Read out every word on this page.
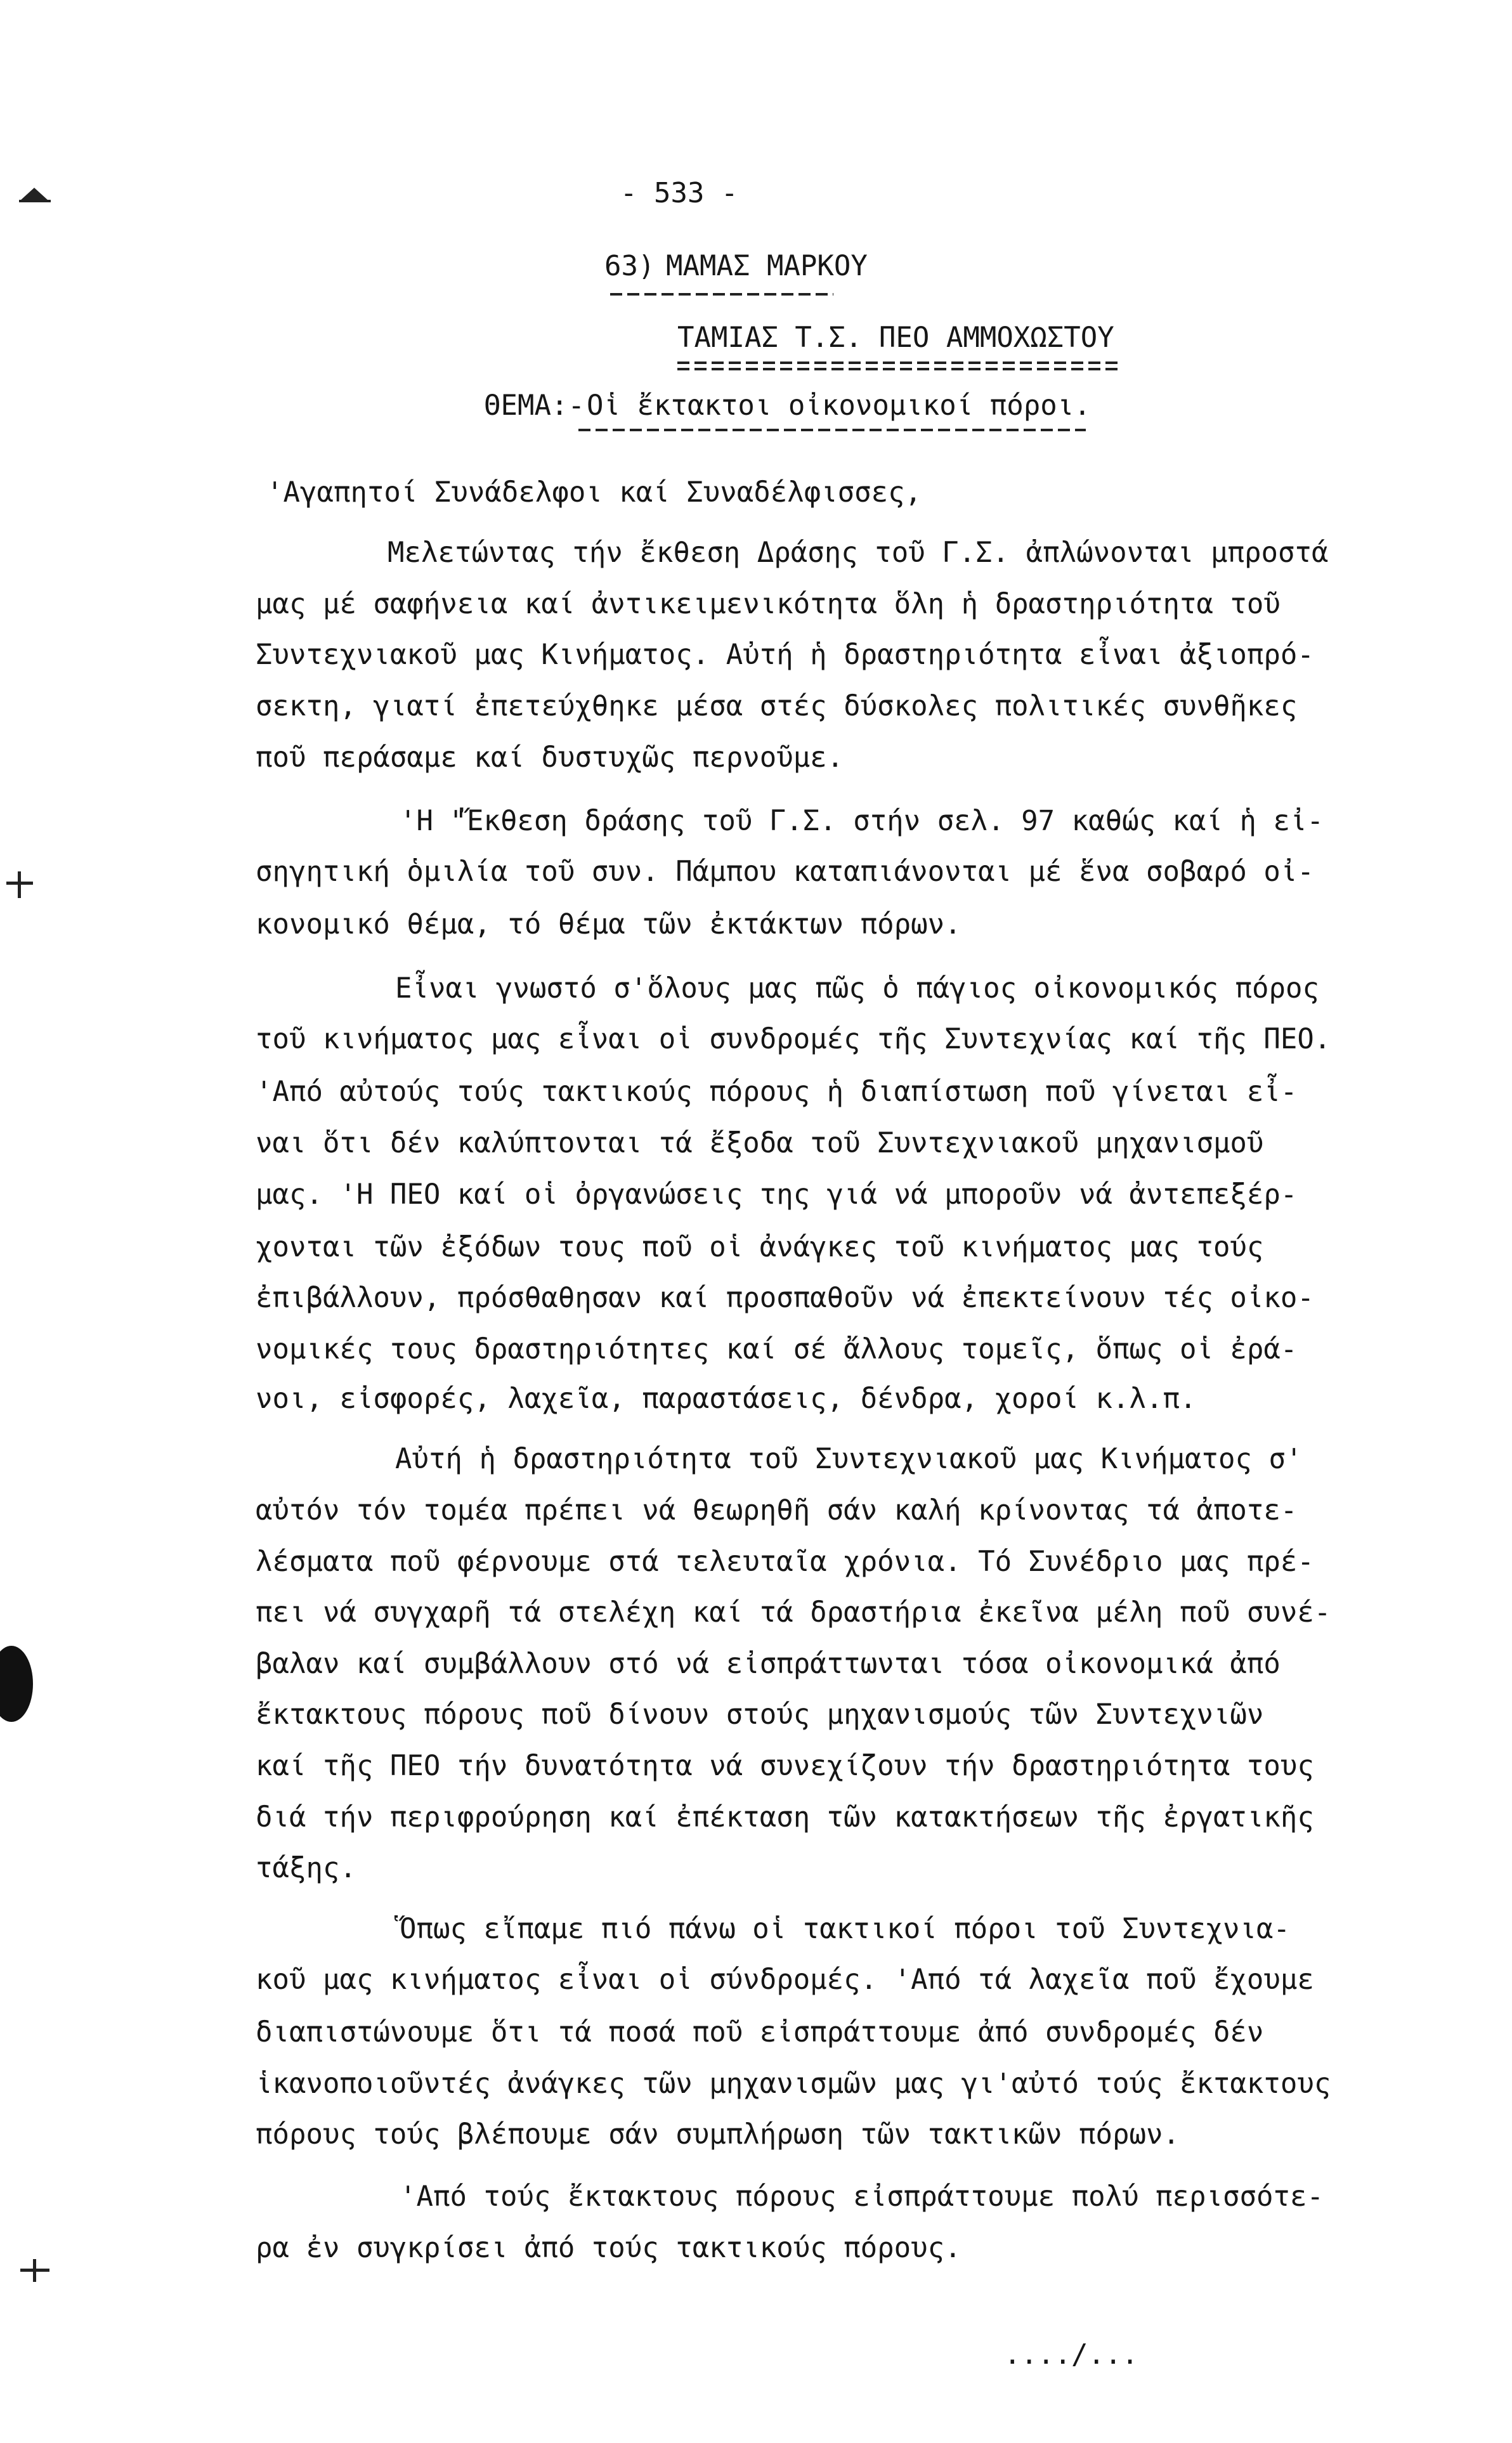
- 533 -
63) ΜΑΜΑΣ ΜΑΡΚΟΥ
ΤΑΜΙΑΣ Τ.Σ. ΠΕΟ ΑΜΜΟΧΩΣΤΟΥ
ΘΕΜΑ:- Οἱ ἔκτακτοι οἰκονομικοί πόροι.
'Αγαπητοί Συνάδελφοι καί Συναδέλφισσες,
Μελετώντας τήν ἔκθεση Δράσης τοῦ Γ.Σ. ἀπλώνονται μπροστά
μας μέ σαφήνεια καί ἀντικειμενικότητα ὅλη ἡ δραστηριότητα τοῦ
Συντεχνιακοῦ μας Κινήματος. Αὐτή ἡ δραστηριότητα εἶναι ἀξιοπρό-
σεκτη, γιατί ἐπετεύχθηκε μέσα στές δύσκολες πολιτικές συνθῆκες
ποῦ περάσαμε καί δυστυχῶς περνοῦμε.
'Η "Ἔκθεση δράσης τοῦ Γ.Σ. στήν σελ. 97 καθώς καί ἡ εἰ-
σηγητική ὁμιλία τοῦ συν. Πάμπου καταπιάνονται μέ ἕνα σοβαρό οἰ-
κονομικό θέμα, τό θέμα τῶν ἐκτάκτων πόρων.
Εἶναι γνωστό σ'ὅλους μας πῶς ὁ πάγιος οἰκονομικός πόρος
τοῦ κινήματος μας εἶναι οἱ συνδρομές τῆς Συντεχνίας καί τῆς ΠΕΟ.
'Από αὐτούς τούς τακτικούς πόρους ἡ διαπίστωση ποῦ γίνεται εἶ-
ναι ὅτι δέν καλύπτονται τά ἔξοδα τοῦ Συντεχνιακοῦ μηχανισμοῦ
μας. 'Η ΠΕΟ καί οἱ ὀργανώσεις της γιά νά μποροῦν νά ἀντεπεξέρ-
χονται τῶν ἐξόδων τους ποῦ οἱ ἀνάγκες τοῦ κινήματος μας τούς
ἐπιβάλλουν, πρόσθαθησαν καί προσπαθοῦν νά ἐπεκτείνουν τές οἰκο-
νομικές τους δραστηριότητες καί σέ ἄλλους τομεῖς, ὅπως οἱ ἐρά-
νοι, εἰσφορές, λαχεῖα, παραστάσεις, δένδρα, χοροί κ.λ.π.
Αὐτή ἡ δραστηριότητα τοῦ Συντεχνιακοῦ μας Κινήματος σ'
αὐτόν τόν τομέα πρέπει νά θεωρηθῆ σάν καλή κρίνοντας τά ἀποτε-
λέσματα ποῦ φέρνουμε στά τελευταῖα χρόνια. Τό Συνέδριο μας πρέ-
πει νά συγχαρῆ τά στελέχη καί τά δραστήρια ἐκεῖνα μέλη ποῦ συνέ-
βαλαν καί συμβάλλουν στό νά εἰσπράττωνται τόσα οἰκονομικά ἀπό
ἔκτακτους πόρους ποῦ δίνουν στούς μηχανισμούς τῶν Συντεχνιῶν
καί τῆς ΠΕΟ τήν δυνατότητα νά συνεχίζουν τήν δραστηριότητα τους
διά τήν περιφρούρηση καί ἐπέκταση τῶν κατακτήσεων τῆς ἐργατικῆς
τάξης.
Ὅπως εἴπαμε πιό πάνω οἱ τακτικοί πόροι τοῦ Συντεχνια-
κοῦ μας κινήματος εἶναι οἱ σύνδρομές. 'Από τά λαχεῖα ποῦ ἔχουμε
διαπιστώνουμε ὅτι τά ποσά ποῦ εἰσπράττουμε ἀπό συνδρομές δέν
ἱκανοποιοῦντές ἀνάγκες τῶν μηχανισμῶν μας γι'αὐτό τούς ἔκτακτους
πόρους τούς βλέπουμε σάν συμπλήρωση τῶν τακτικῶν πόρων.
'Από τούς ἔκτακτους πόρους εἰσπράττουμε πολύ περισσότε-
ρα ἐν συγκρίσει ἀπό τούς τακτικούς πόρους.
..../...
